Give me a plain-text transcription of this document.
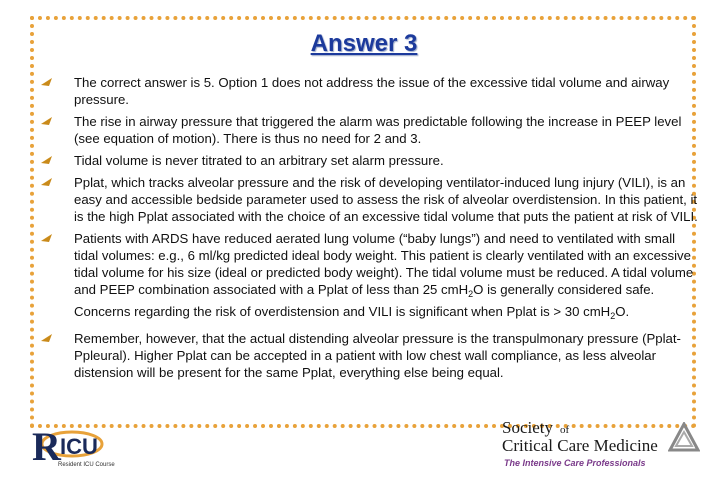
Answer 3
The correct answer is 5. Option 1 does not address the issue of the excessive tidal volume and airway pressure.
The rise in airway pressure that triggered the alarm was predictable following the increase in PEEP level (see equation of motion). There is thus no need for 2 and 3.
Tidal volume is never titrated to an arbitrary set alarm pressure.
Pplat, which tracks alveolar pressure and the risk of developing ventilator-induced lung injury (VILI), is an easy and accessible bedside parameter used to assess the risk of alveolar overdistension. In this patient, it is the high Pplat associated with the choice of an excessive tidal volume that puts the patient at risk of VILI.
Patients with ARDS have reduced aerated lung volume (“baby lungs”) and need to ventilated with small tidal volumes: e.g., 6 ml/kg predicted ideal body weight. This patient is clearly ventilated with an excessive tidal volume for his size (ideal or predicted body weight). The tidal volume must be reduced. A tidal volume and PEEP combination associated with a Pplat of less than 25 cmH$_2$O is generally considered safe. Concerns regarding the risk of overdistension and VILI is significant when Pplat is > 30 cmH$_2$O.
Remember, however, that the actual distending alveolar pressure is the transpulmonary pressure (Pplat- Ppleural). Higher Pplat can be accepted in a patient with low chest wall compliance, as less alveolar distension will be present for the same Pplat, everything else being equal.
R ICU
Resident ICU Course
Society of
Critical Care Medicine
The Intensive Care Professionals
